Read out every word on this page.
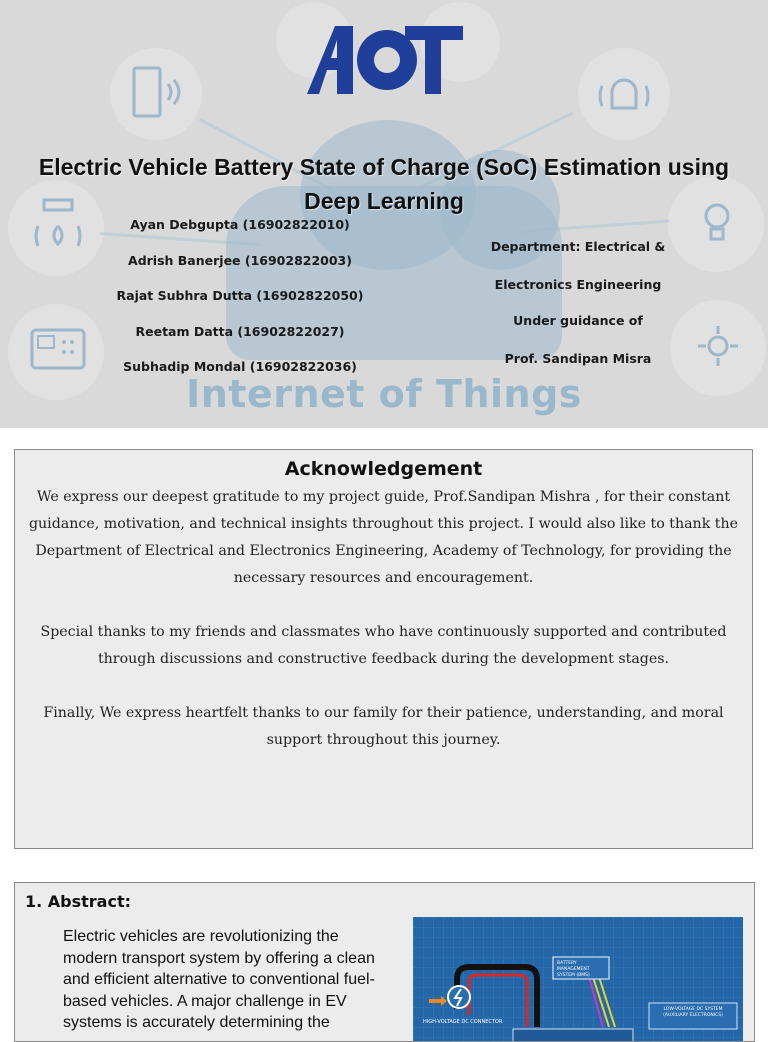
Internet of Things
Electric Vehicle Battery State of Charge (SoC) Estimation using Deep Learning
Ayan Debgupta (16902822010)
Adrish Banerjee (16902822003)
Rajat Subhra Dutta (16902822050)
Reetam Datta (16902822027)
Subhadip Mondal (16902822036)
Department: Electrical &
Electronics Engineering
Under guidance of
Prof. Sandipan Misra
Acknowledgement

We express our deepest gratitude to my project guide, Prof.Sandipan Mishra , for their constant guidance, motivation, and technical insights throughout this project. I would also like to thank the Department of Electrical and Electronics Engineering, Academy of Technology, for providing the necessary resources and encouragement.

Special thanks to my friends and classmates who have continuously supported and contributed through discussions and constructive feedback during the development stages.

Finally, We express heartfelt thanks to our family for their patience, understanding, and moral support throughout this journey.

1. Abstract:
Electric vehicles are revolutionizing the modern transport system by offering a clean and efficient alternative to conventional fuel-based vehicles. A major challenge in EV systems is accurately determining the
BATTERY MANAGEMENT SYSTEM (BMS)
HIGH-VOLTAGE DC CONNECTOR
LOW-VOLTAGE DC SYSTEM (AUXILIARY ELECTRONICS)
